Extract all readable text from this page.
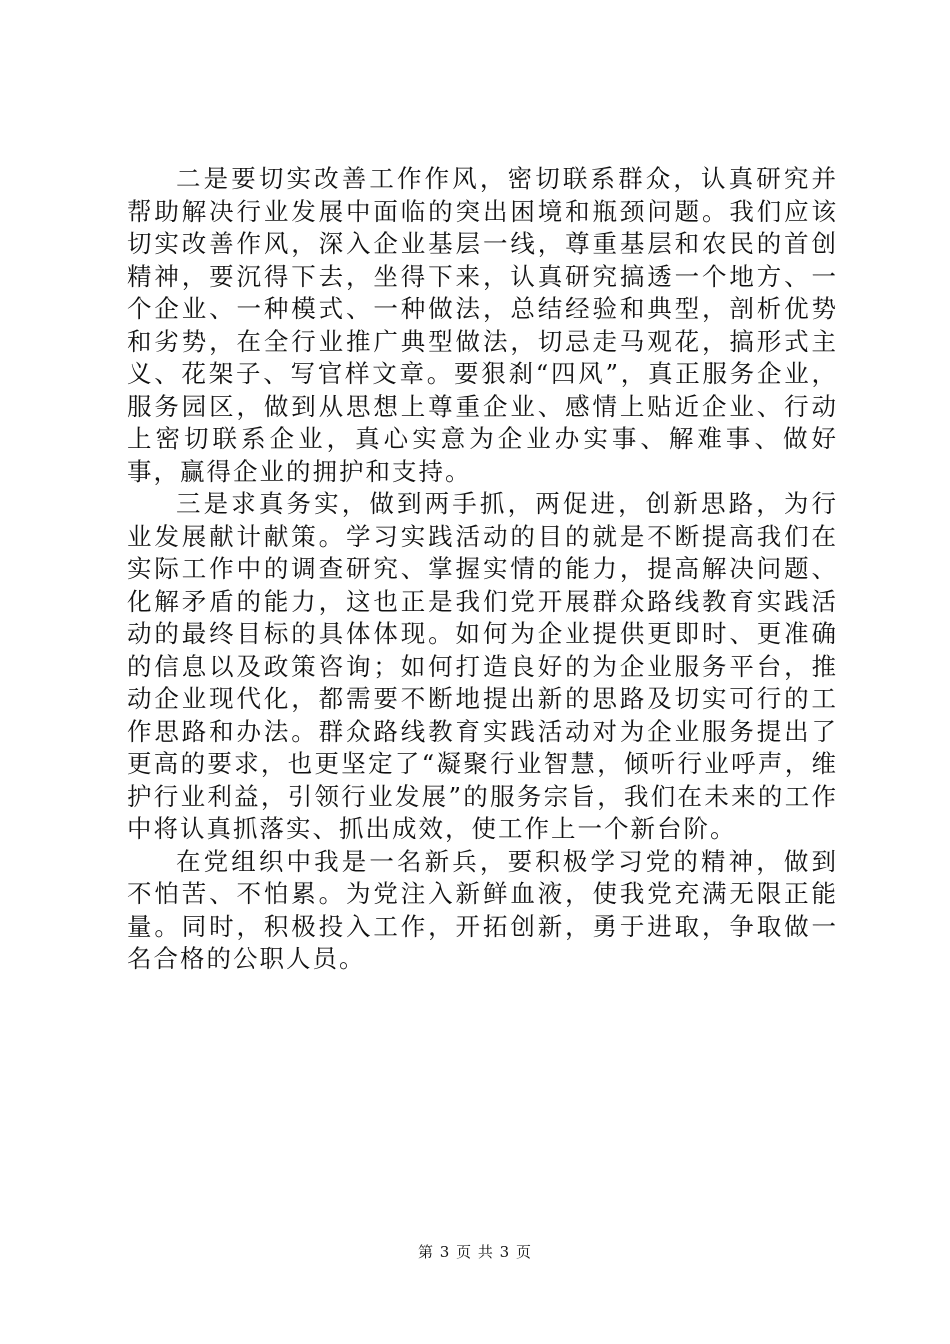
二是要切实改善工作作风，密切联系群众，认真研究并帮助解决行业发展中面临的突出困境和瓶颈问题。我们应该切实改善作风，深入企业基层一线，尊重基层和农民的首创精神，要沉得下去，坐得下来，认真研究搞透一个地方、一个企业、一种模式、一种做法，总结经验和典型，剖析优势和劣势，在全行业推广典型做法，切忌走马观花，搞形式主义、花架子、写官样文章。要狠刹“四风”，真正服务企业，服务园区，做到从思想上尊重企业、感情上贴近企业、行动上密切联系企业，真心实意为企业办实事、解难事、做好事，赢得企业的拥护和支持。

三是求真务实，做到两手抓，两促进，创新思路，为行业发展献计献策。学习实践活动的目的就是不断提高我们在实际工作中的调查研究、掌握实情的能力，提高解决问题、化解矛盾的能力，这也正是我们党开展群众路线教育实践活动的最终目标的具体体现。如何为企业提供更即时、更准确的信息以及政策咨询；如何打造良好的为企业服务平台，推动企业现代化，都需要不断地提出新的思路及切实可行的工作思路和办法。群众路线教育实践活动对为企业服务提出了更高的要求，也更坚定了“凝聚行业智慧，倾听行业呼声，维护行业利益，引领行业发展”的服务宗旨，我们在未来的工作中将认真抓落实、抓出成效，使工作上一个新台阶。

在党组织中我是一名新兵，要积极学习党的精神，做到不怕苦、不怕累。为党注入新鲜血液，使我党充满无限正能量。同时，积极投入工作，开拓创新，勇于进取，争取做一名合格的公职人员。

第 3 页 共 3 页
